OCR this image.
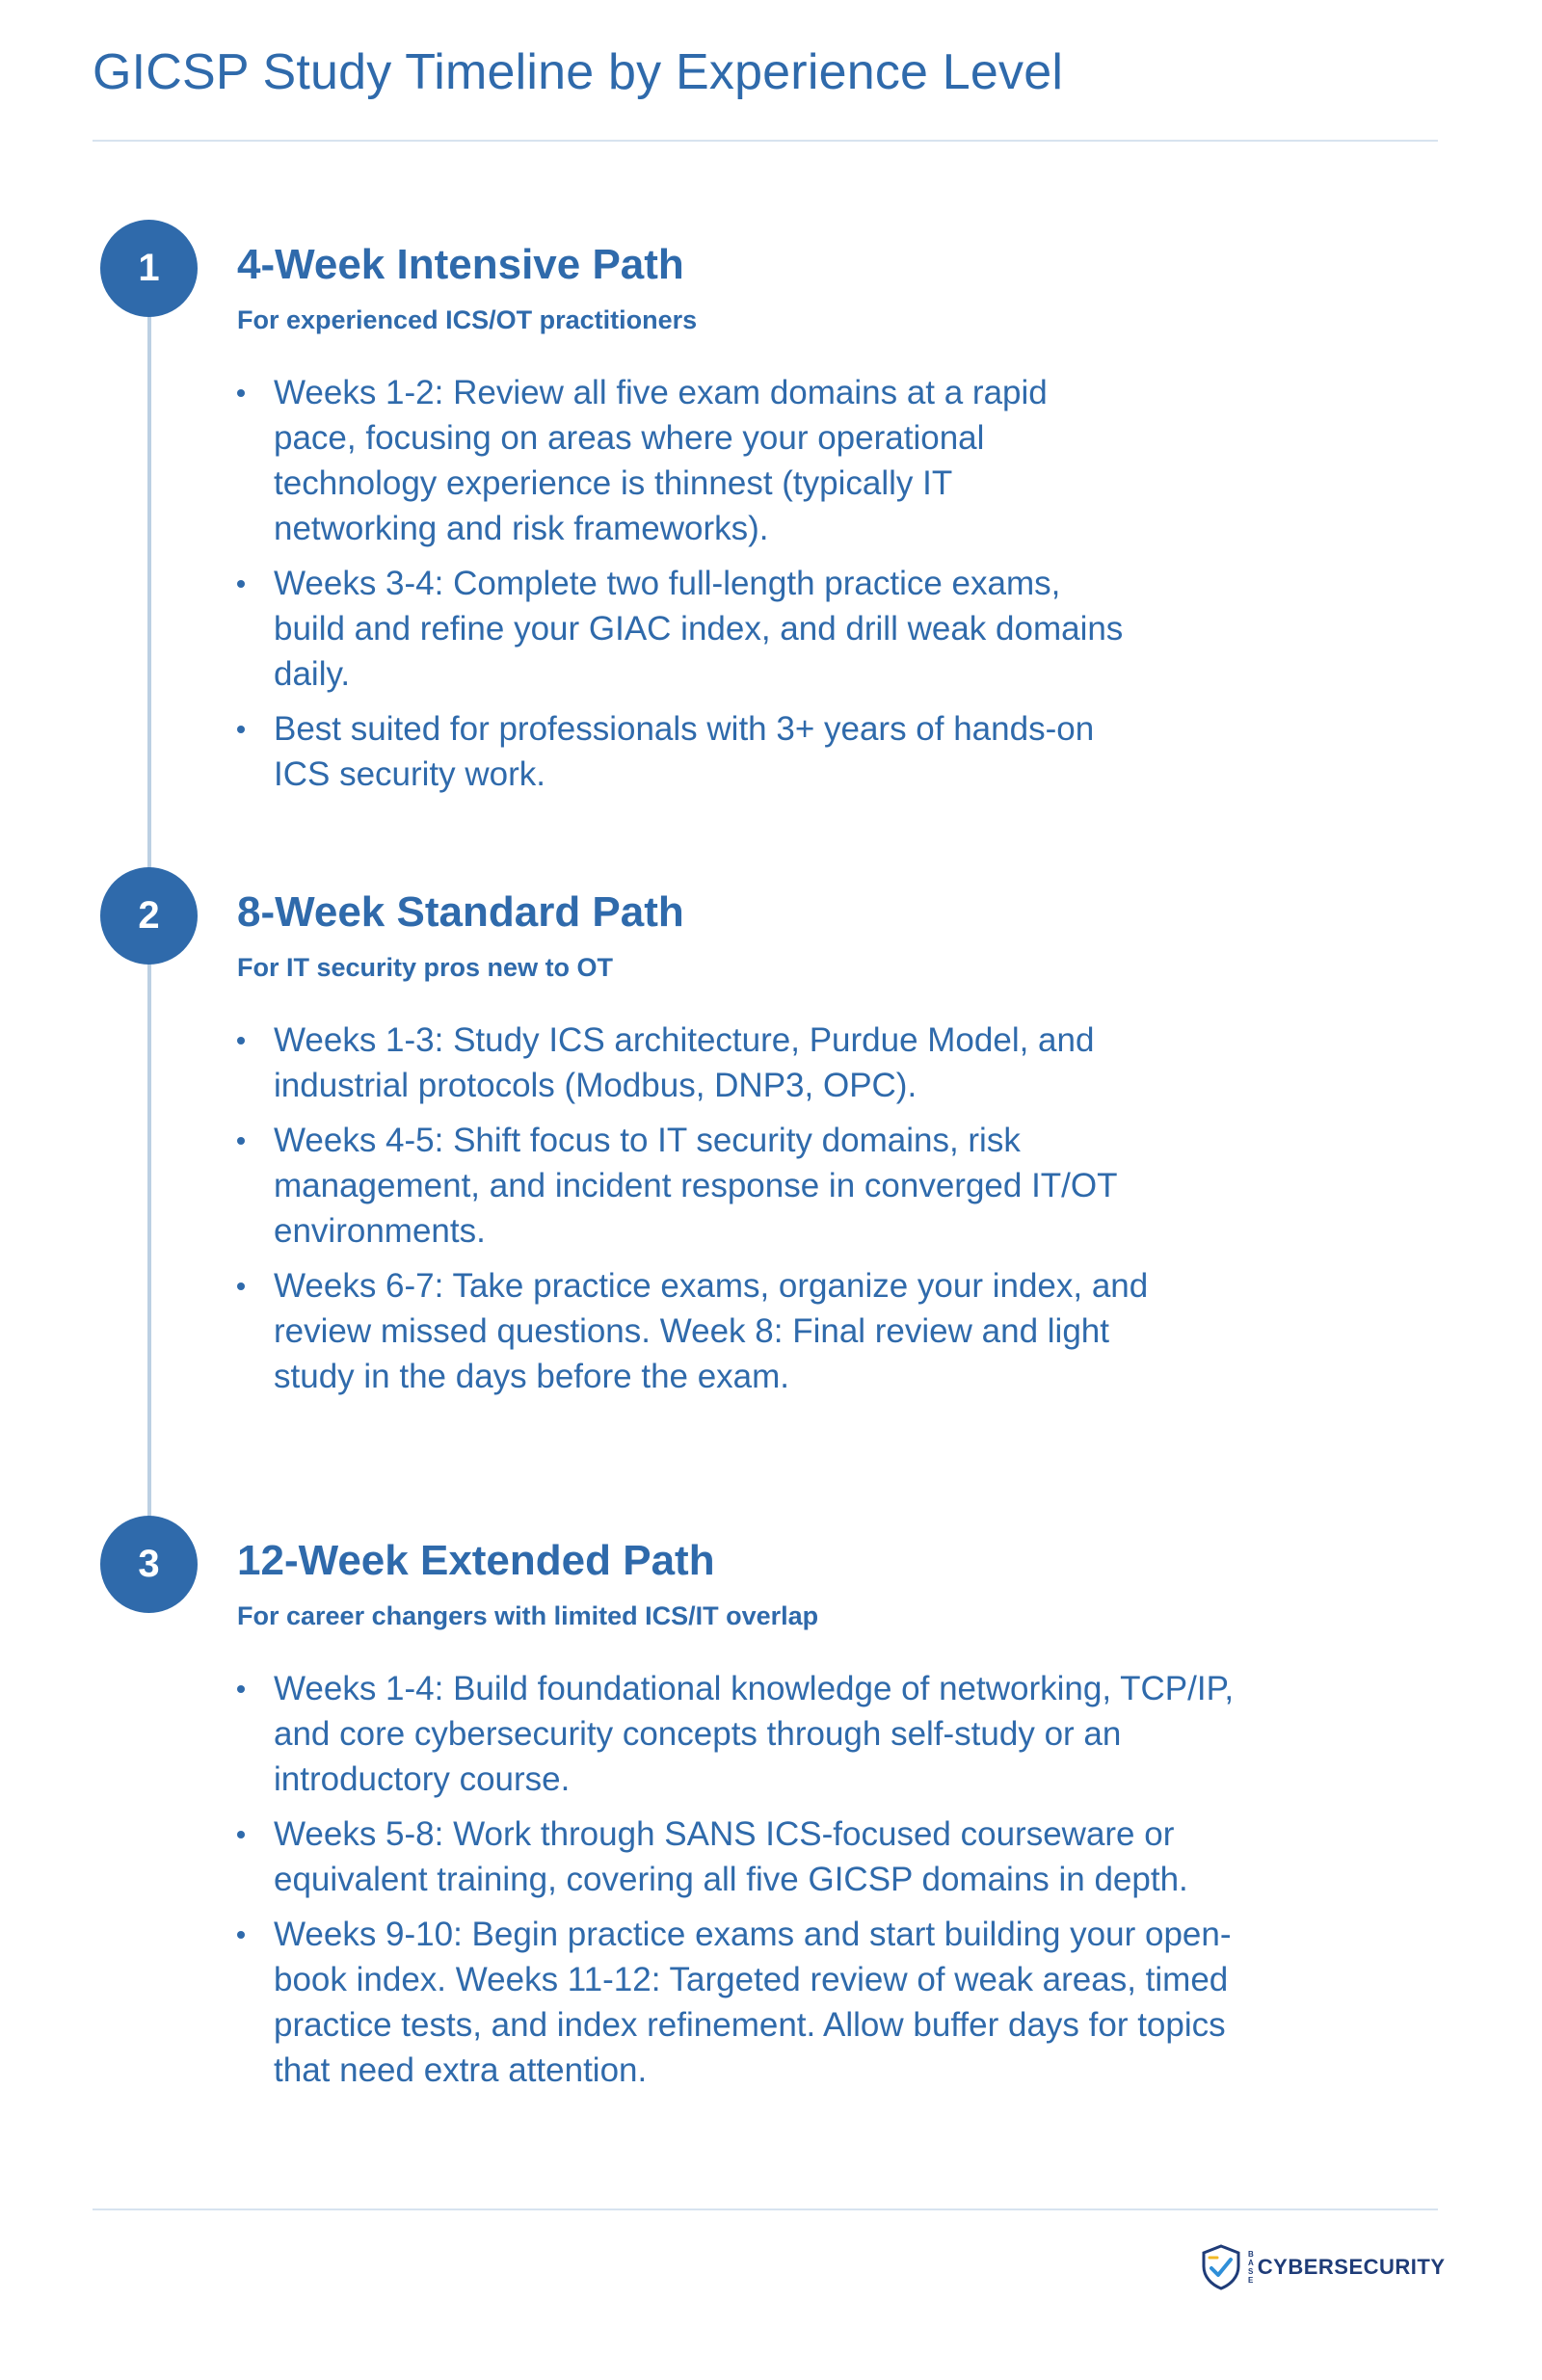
GICSP Study Timeline by Experience Level
1	4-Week Intensive Path

For experienced ICS/OT practitioners

Weeks 1-2: Review all five exam domains at a rapid pace, focusing on areas where your operational technology experience is thinnest (typically IT networking and risk frameworks).
Weeks 3-4: Complete two full-length practice exams, build and refine your GIAC index, and drill weak domains daily.
Best suited for professionals with 3+ years of hands-on ICS security work.
2	8-Week Standard Path

For IT security pros new to OT

Weeks 1-3: Study ICS architecture, Purdue Model, and industrial protocols (Modbus, DNP3, OPC).
Weeks 4-5: Shift focus to IT security domains, risk management, and incident response in converged IT/OT environments.
Weeks 6-7: Take practice exams, organize your index, and review missed questions. Week 8: Final review and light study in the days before the exam.
3	12-Week Extended Path

For career changers with limited ICS/IT overlap

Weeks 1-4: Build foundational knowledge of networking, TCP/IP, and core cybersecurity concepts through self-study or an introductory course.
Weeks 5-8: Work through SANS ICS-focused courseware or equivalent training, covering all five GICSP domains in depth.
Weeks 9-10: Begin practice exams and start building your open-book index. Weeks 11-12: Targeted review of weak areas, timed practice tests, and index refinement. Allow buffer days for topics that need extra attention.
B
A
S
E
CYBERSECURITY
